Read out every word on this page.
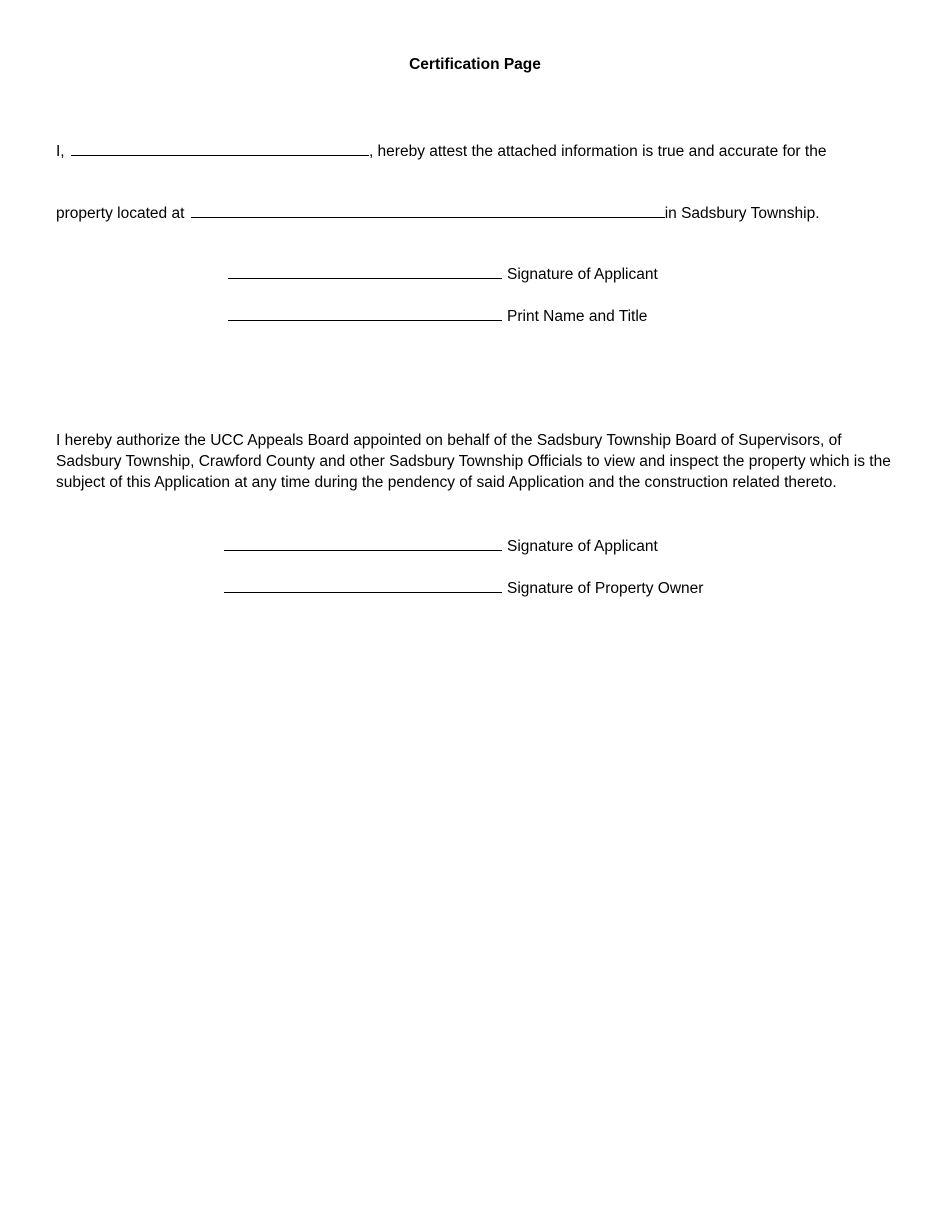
Certification Page
I,	, hereby attest the attached information is true and accurate for the
property located at	in Sadsbury Township.
Signature of Applicant
Print Name and Title
I hereby authorize the UCC Appeals Board appointed on behalf of the Sadsbury Township Board of Supervisors, of Sadsbury Township, Crawford County and other Sadsbury Township Officials to view and inspect the property which is the subject of this Application at any time during the pendency of said Application and the construction related thereto.
Signature of Applicant
Signature of Property Owner
